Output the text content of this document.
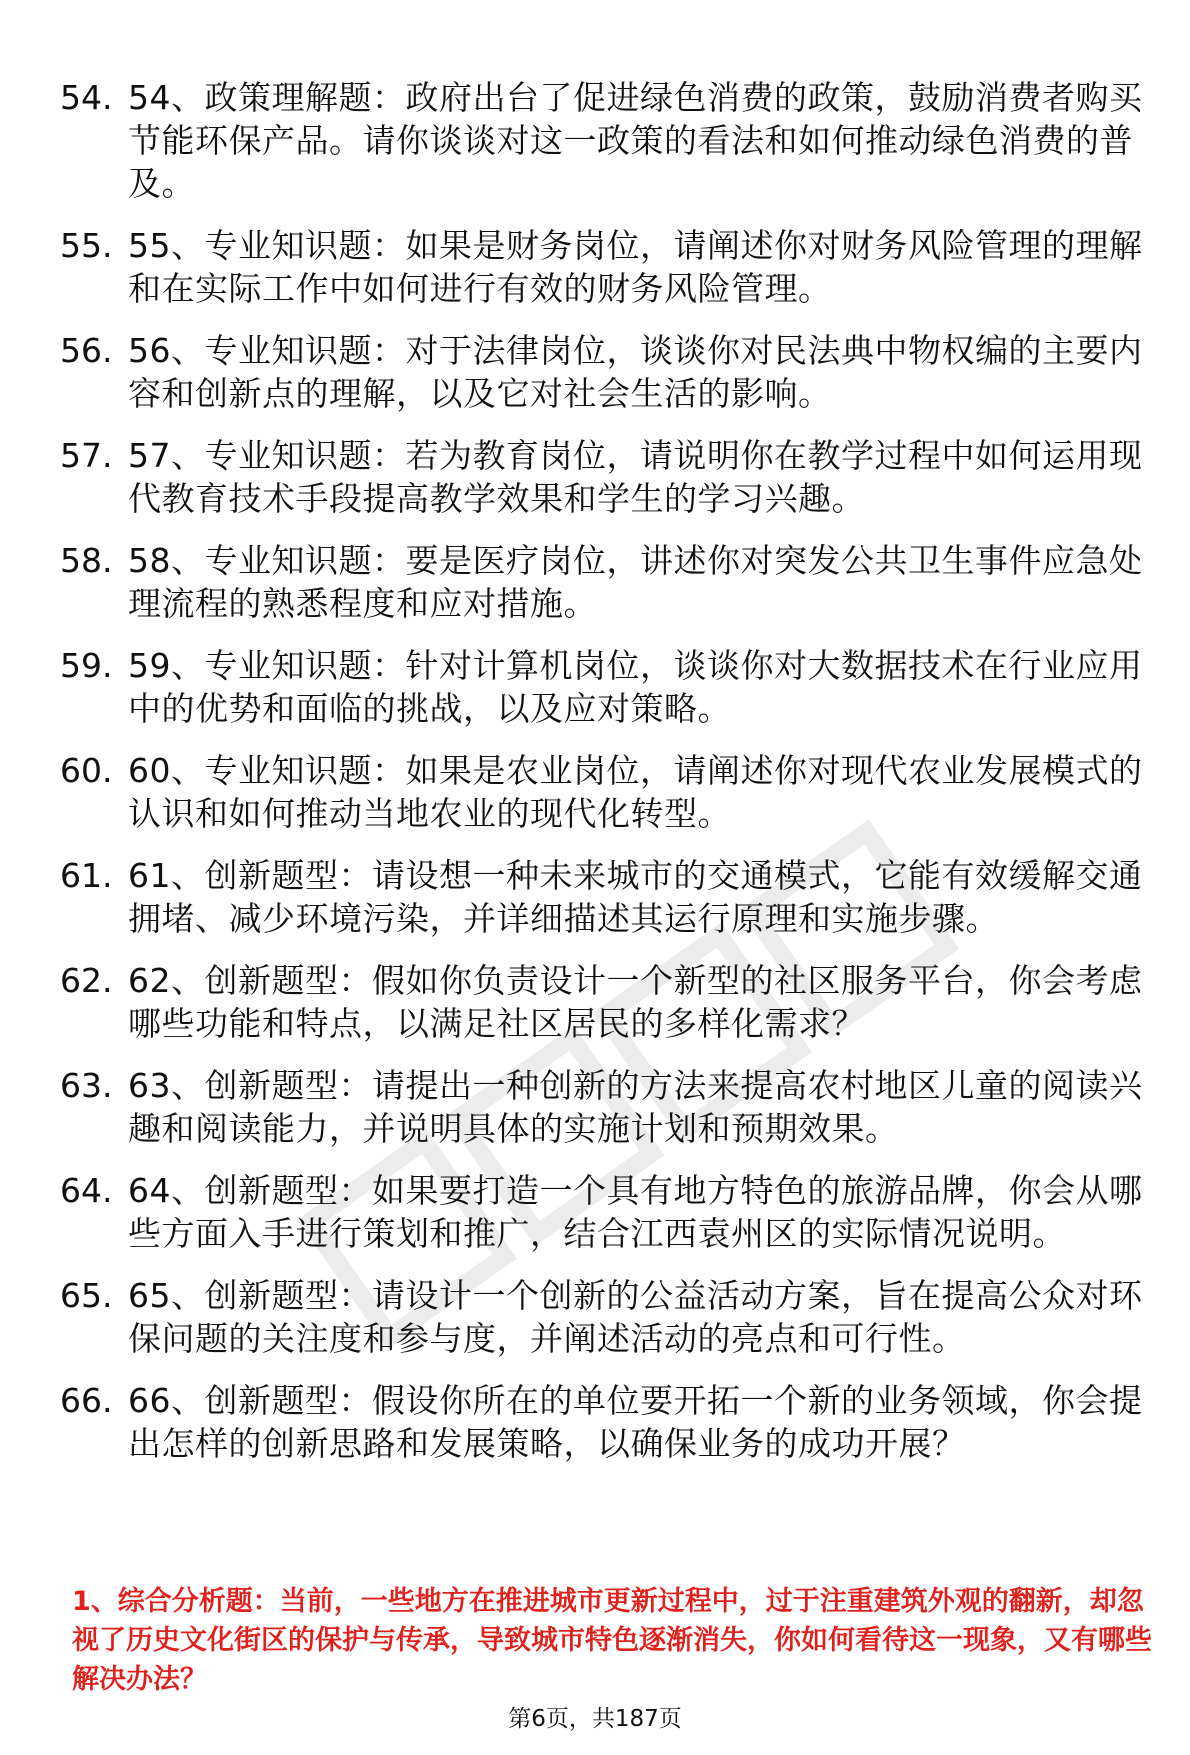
54. 54、政策理解题：政府出台了促进绿色消费的政策，鼓励消费者购买节能环保产品。请你谈谈对这一政策的看法和如何推动绿色消费的普及。
55. 55、专业知识题：如果是财务岗位，请阐述你对财务风险管理的理解和在实际工作中如何进行有效的财务风险管理。
56. 56、专业知识题：对于法律岗位，谈谈你对民法典中物权编的主要内容和创新点的理解，以及它对社会生活的影响。
57. 57、专业知识题：若为教育岗位，请说明你在教学过程中如何运用现代教育技术手段提高教学效果和学生的学习兴趣。
58. 58、专业知识题：要是医疗岗位，讲述你对突发公共卫生事件应急处理流程的熟悉程度和应对措施。
59. 59、专业知识题：针对计算机岗位，谈谈你对大数据技术在行业应用中的优势和面临的挑战，以及应对策略。
60. 60、专业知识题：如果是农业岗位，请阐述你对现代农业发展模式的认识和如何推动当地农业的现代化转型。
61. 61、创新题型：请设想一种未来城市的交通模式，它能有效缓解交通拥堵、减少环境污染，并详细描述其运行原理和实施步骤。
62. 62、创新题型：假如你负责设计一个新型的社区服务平台，你会考虑哪些功能和特点，以满足社区居民的多样化需求？
63. 63、创新题型：请提出一种创新的方法来提高农村地区儿童的阅读兴趣和阅读能力，并说明具体的实施计划和预期效果。
64. 64、创新题型：如果要打造一个具有地方特色的旅游品牌，你会从哪些方面入手进行策划和推广，结合江西袁州区的实际情况说明。
65. 65、创新题型：请设计一个创新的公益活动方案，旨在提高公众对环保问题的关注度和参与度，并阐述活动的亮点和可行性。
66. 66、创新题型：假设你所在的单位要开拓一个新的业务领域，你会提出怎样的创新思路和发展策略，以确保业务的成功开展？
1、综合分析题：当前，一些地方在推进城市更新过程中，过于注重建筑外观的翻新，却忽视了历史文化街区的保护与传承，导致城市特色逐渐消失，你如何看待这一现象，又有哪些解决办法？
第6页，共187页
